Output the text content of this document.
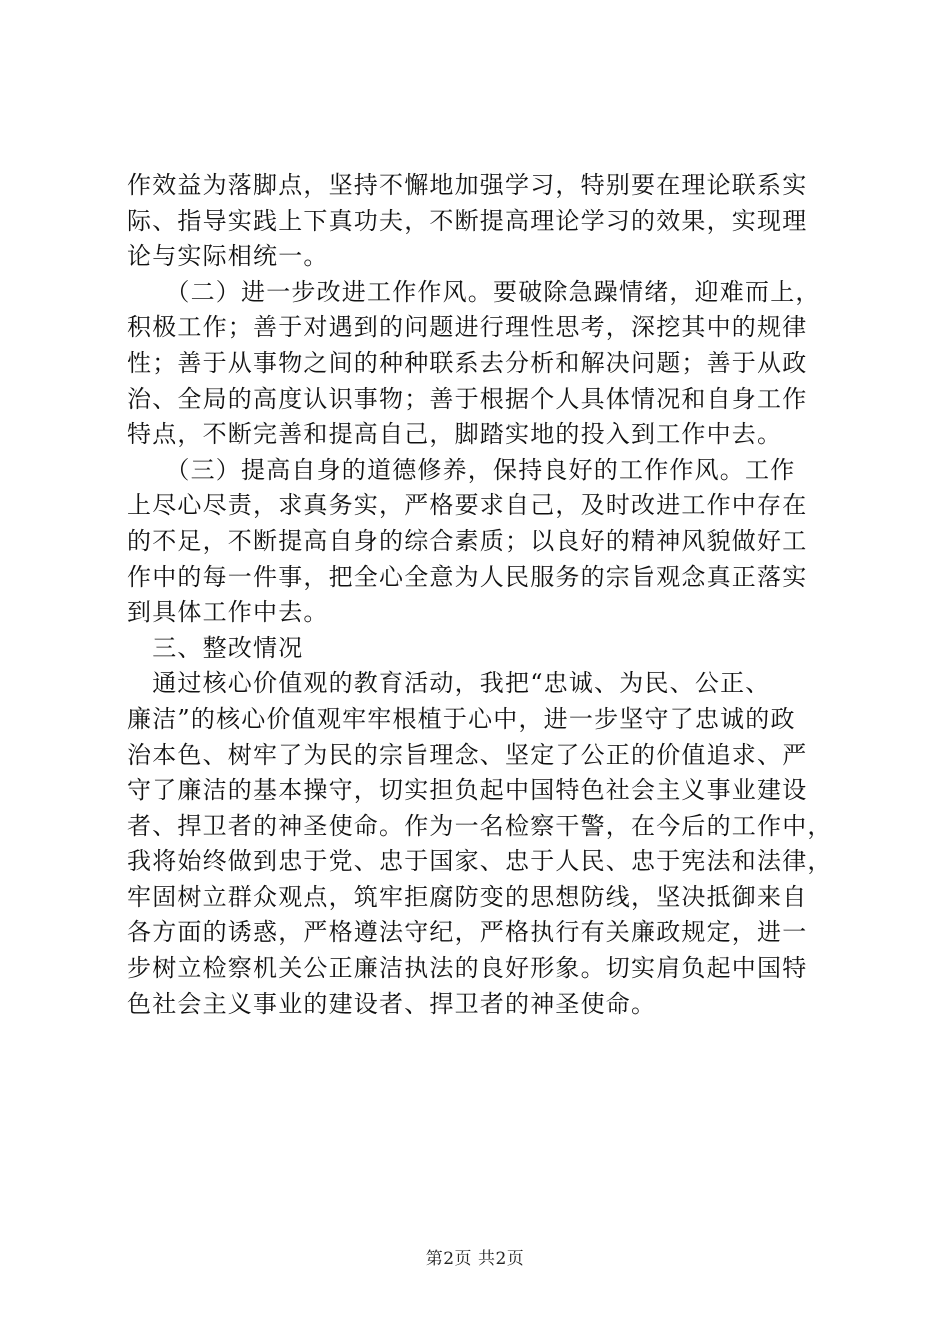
作效益为落脚点，坚持不懈地加强学习，特别要在理论联系实
际、指导实践上下真功夫，不断提高理论学习的效果，实现理
论与实际相统一。
　　（二）进一步改进工作作风。要破除急躁情绪，迎难而上，
积极工作；善于对遇到的问题进行理性思考，深挖其中的规律
性；善于从事物之间的种种联系去分析和解决问题；善于从政
治、全局的高度认识事物；善于根据个人具体情况和自身工作
特点，不断完善和提高自己，脚踏实地的投入到工作中去。
　　（三）提高自身的道德修养，保持良好的工作作风。工作
上尽心尽责，求真务实，严格要求自己，及时改进工作中存在
的不足，不断提高自身的综合素质；以良好的精神风貌做好工
作中的每一件事，把全心全意为人民服务的宗旨观念真正落实
到具体工作中去。
　三、整改情况
　通过核心价值观的教育活动，我把“忠诚、为民、公正、
廉洁”的核心价值观牢牢根植于心中，进一步坚守了忠诚的政
治本色、树牢了为民的宗旨理念、坚定了公正的价值追求、严
守了廉洁的基本操守，切实担负起中国特色社会主义事业建设
者、捍卫者的神圣使命。作为一名检察干警，在今后的工作中，
我将始终做到忠于党、忠于国家、忠于人民、忠于宪法和法律，
牢固树立群众观点，筑牢拒腐防变的思想防线，坚决抵御来自
各方面的诱惑，严格遵法守纪，严格执行有关廉政规定，进一
步树立检察机关公正廉洁执法的良好形象。切实肩负起中国特
色社会主义事业的建设者、捍卫者的神圣使命。
第2页 共2页
